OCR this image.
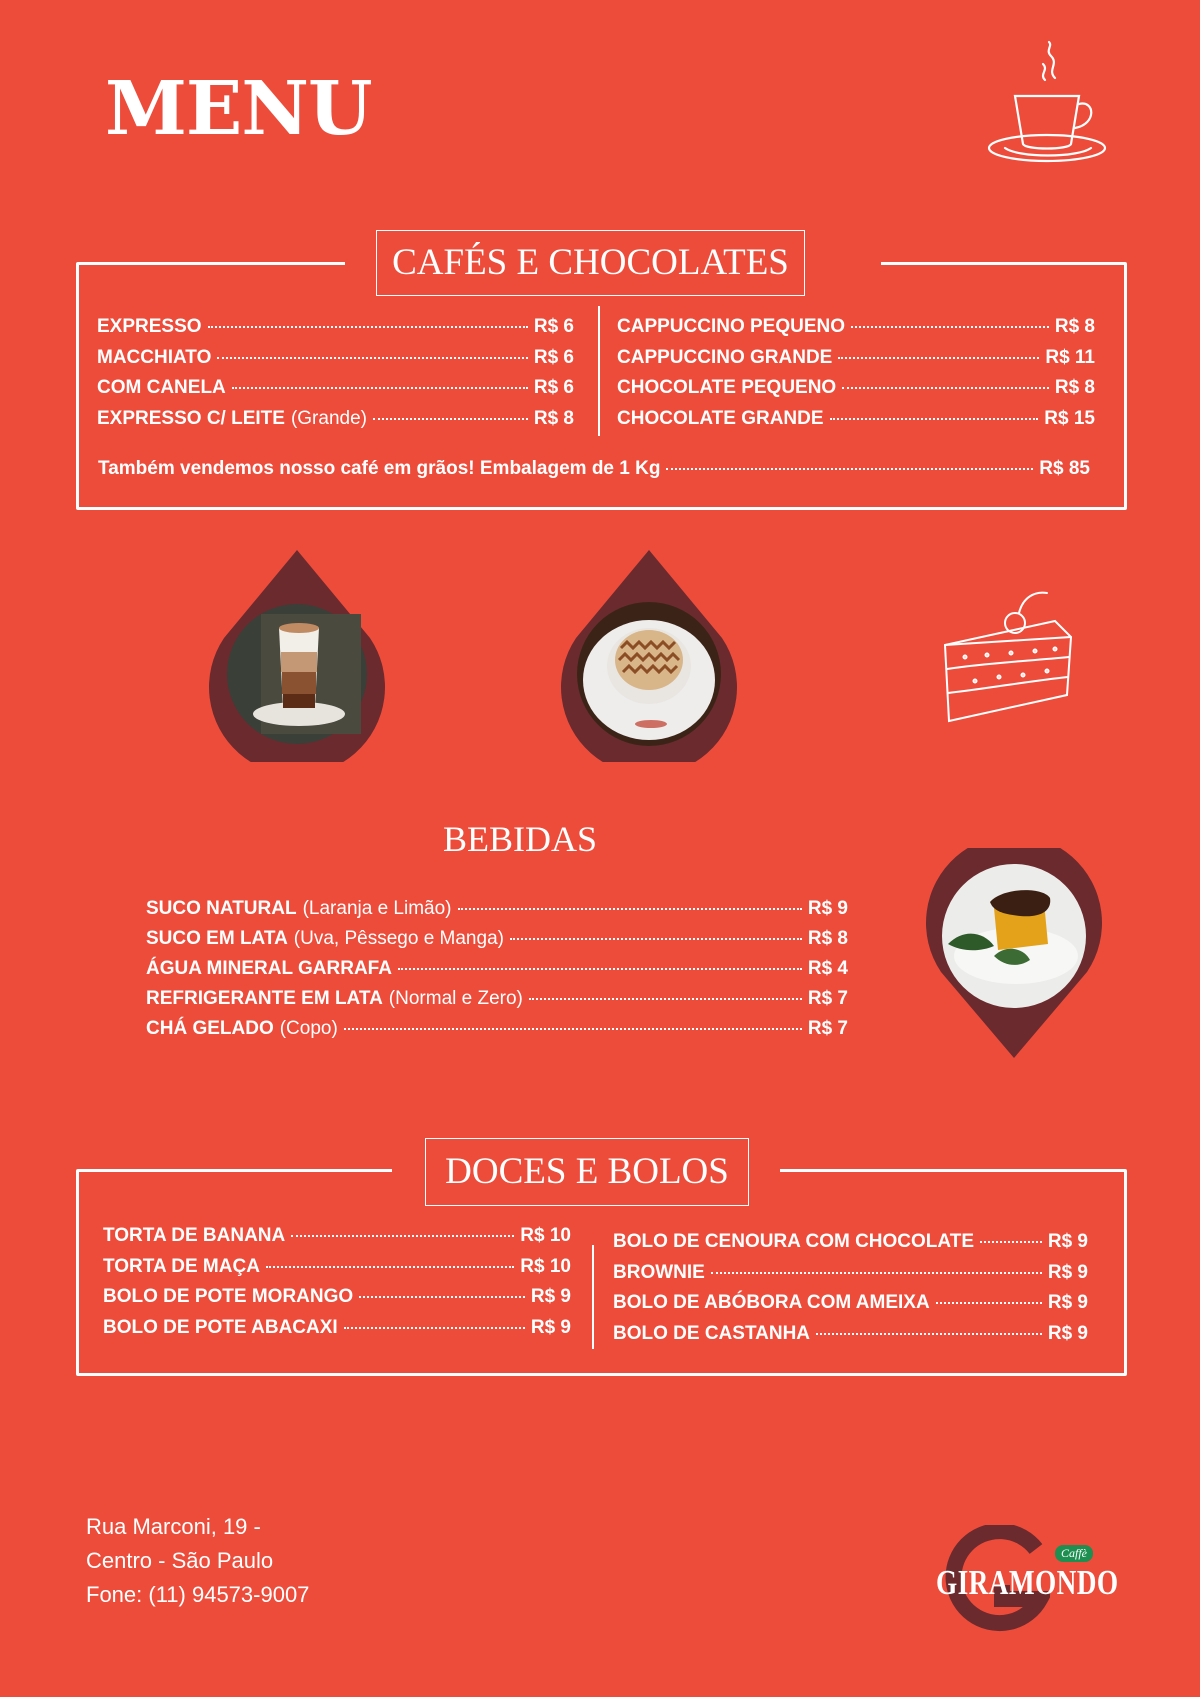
MENU
CAFÉS E CHOCOLATES
EXPRESSO	R$ 6
MACCHIATO	R$ 6
COM CANELA	R$ 6
EXPRESSO C/ LEITE (Grande)	R$ 8
CAPPUCCINO PEQUENO	R$ 8
CAPPUCCINO GRANDE	R$ 11
CHOCOLATE PEQUENO	R$ 8
CHOCOLATE GRANDE	R$ 15
Também vendemos nosso café em grãos! Embalagem de 1 Kg	R$ 85
BEBIDAS
SUCO NATURAL (Laranja e Limão)	R$ 9
SUCO EM LATA (Uva, Pêssego e Manga)	R$ 8
ÁGUA MINERAL GARRAFA	R$ 4
REFRIGERANTE EM LATA (Normal e Zero)	R$ 7
CHÁ GELADO (Copo)	R$ 7
DOCES E BOLOS
TORTA DE BANANA	R$ 10
TORTA DE MAÇA	R$ 10
BOLO DE POTE MORANGO	R$ 9
BOLO DE POTE ABACAXI	R$ 9
BOLO DE CENOURA COM CHOCOLATE	R$ 9
BROWNIE	R$ 9
BOLO DE ABÓBORA COM AMEIXA	R$ 9
BOLO DE CASTANHA	R$ 9
Rua Marconi, 19 -
Centro - São Paulo
Fone: (11) 94573-9007
Caffè
GIRAMONDO
